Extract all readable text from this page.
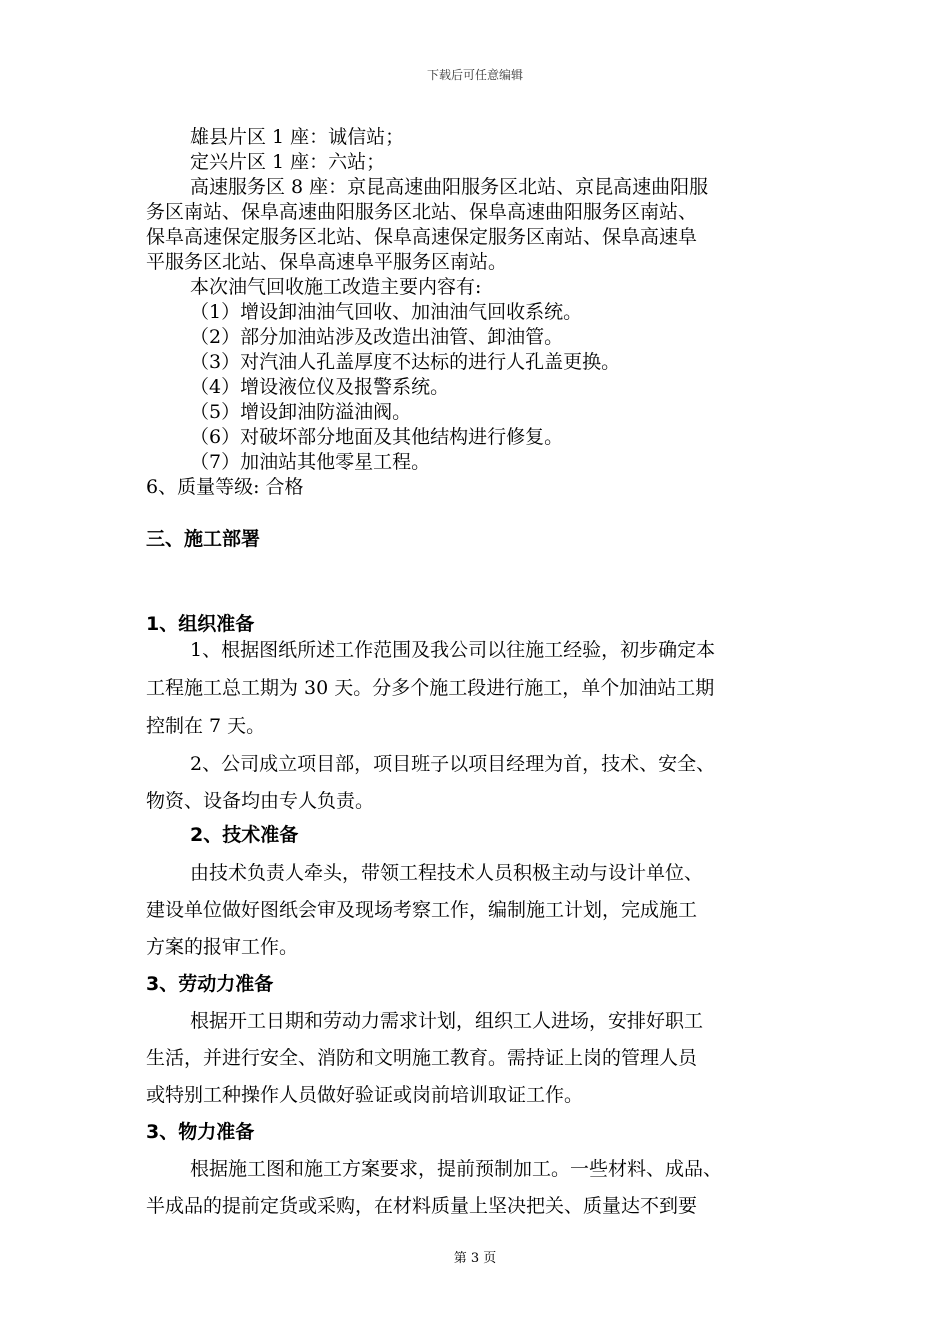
下载后可任意编辑
雄县片区 1 座：诚信站；
定兴片区 1 座：六站；
高速服务区 8 座：京昆高速曲阳服务区北站、京昆高速曲阳服
务区南站、保阜高速曲阳服务区北站、保阜高速曲阳服务区南站、
保阜高速保定服务区北站、保阜高速保定服务区南站、保阜高速阜
平服务区北站、保阜高速阜平服务区南站。
本次油气回收施工改造主要内容有:
（1）增设卸油油气回收、加油油气回收系统。
（2）部分加油站涉及改造出油管、卸油管。
（3）对汽油人孔盖厚度不达标的进行人孔盖更换。
（4）增设液位仪及报警系统。
（5）增设卸油防溢油阀。
（6）对破坏部分地面及其他结构进行修复。
（7）加油站其他零星工程。
6、质量等级: 合格
三、施工部署
1、组织准备
1、根据图纸所述工作范围及我公司以往施工经验，初步确定本
工程施工总工期为 30 天。分多个施工段进行施工，单个加油站工期
控制在 7 天。
2、公司成立项目部，项目班子以项目经理为首，技术、安全、
物资、设备均由专人负责。
2、技术准备
由技术负责人牵头，带领工程技术人员积极主动与设计单位、
建设单位做好图纸会审及现场考察工作，编制施工计划，完成施工
方案的报审工作。
3、劳动力准备
根据开工日期和劳动力需求计划，组织工人进场，安排好职工
生活，并进行安全、消防和文明施工教育。需持证上岗的管理人员
或特别工种操作人员做好验证或岗前培训取证工作。
3、物力准备
根据施工图和施工方案要求，提前预制加工。一些材料、成品、
半成品的提前定货或采购，在材料质量上坚决把关、质量达不到要
第 3 页
